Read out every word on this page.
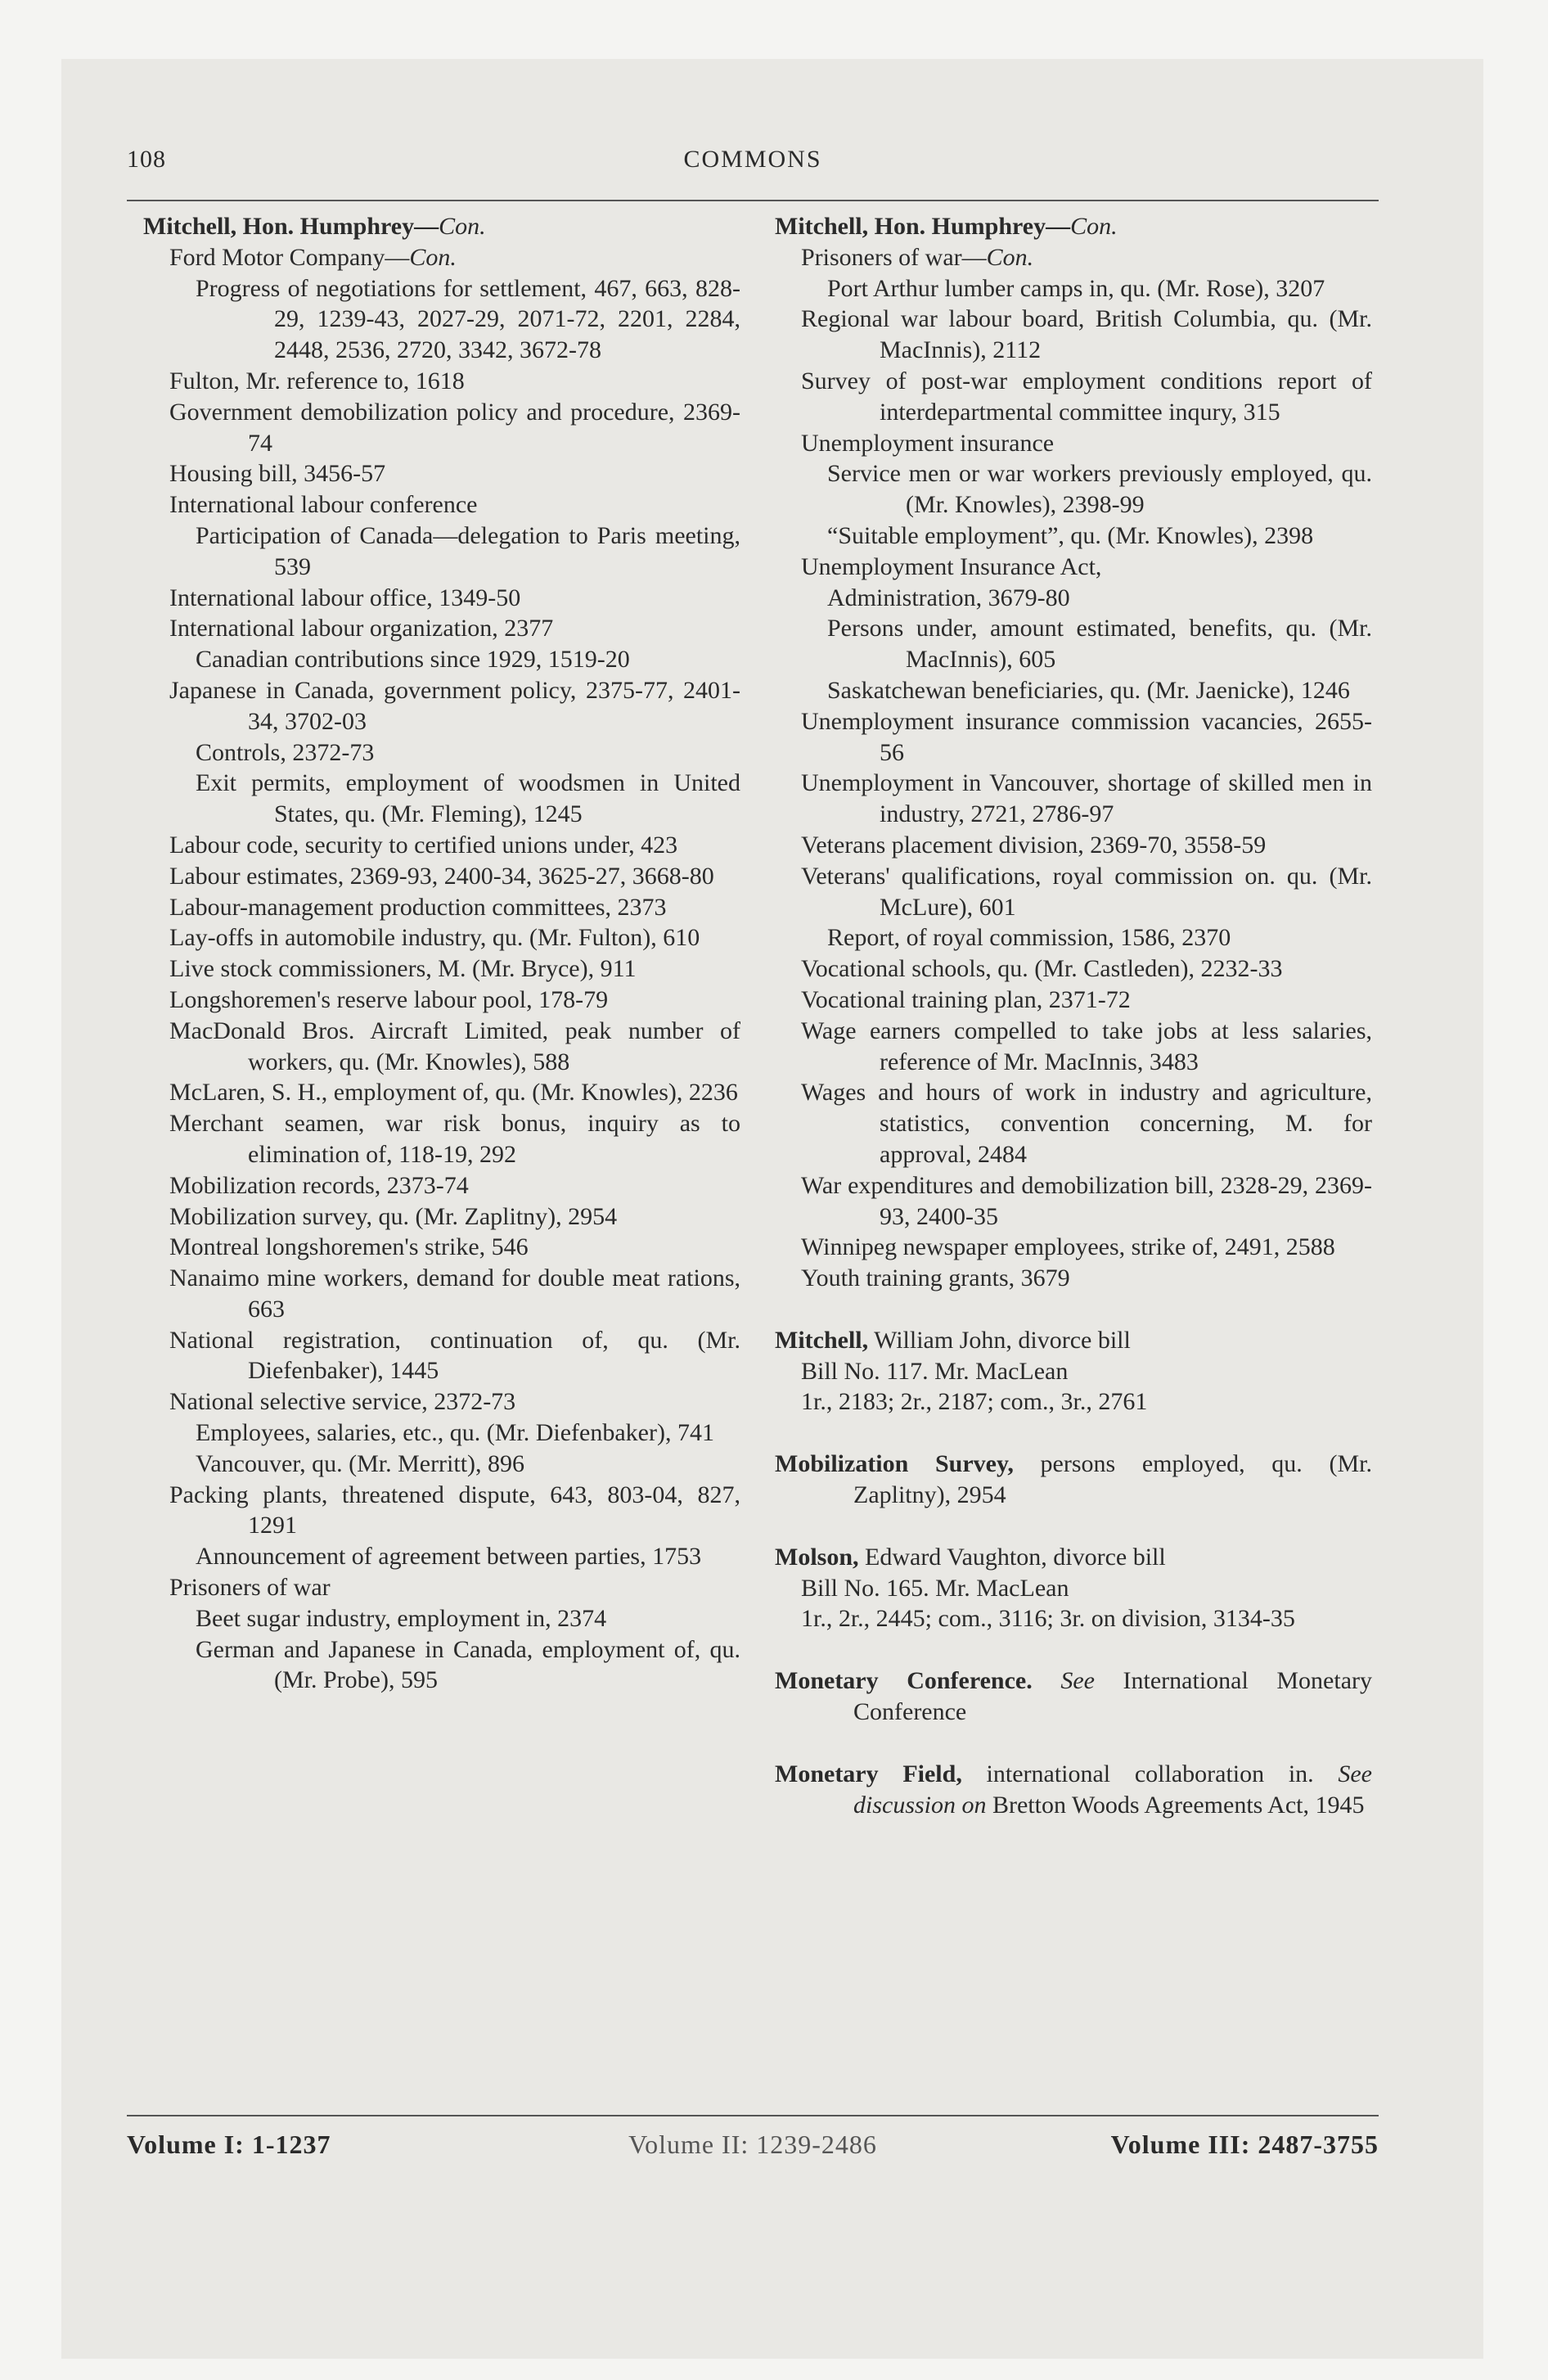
108	COMMONS
Mitchell, Hon. Humphrey—Con.
Ford Motor Company—Con.
Progress of negotiations for settlement, 467, 663, 828-29, 1239-43, 2027-29, 2071-72, 2201, 2284, 2448, 2536, 2720, 3342, 3672-78
Fulton, Mr. reference to, 1618
Government demobilization policy and procedure, 2369-74
Housing bill, 3456-57
International labour conference
Participation of Canada—delegation to Paris meeting, 539
International labour office, 1349-50
International labour organization, 2377
Canadian contributions since 1929, 1519-20
Japanese in Canada, government policy, 2375-77, 2401-34, 3702-03
Controls, 2372-73
Exit permits, employment of woodsmen in United States, qu. (Mr. Fleming), 1245
Labour code, security to certified unions under, 423
Labour estimates, 2369-93, 2400-34, 3625-27, 3668-80
Labour-management production committees, 2373
Lay-offs in automobile industry, qu. (Mr. Fulton), 610
Live stock commissioners, M. (Mr. Bryce), 911
Longshoremen's reserve labour pool, 178-79
MacDonald Bros. Aircraft Limited, peak number of workers, qu. (Mr. Knowles), 588
McLaren, S. H., employment of, qu. (Mr. Knowles), 2236
Merchant seamen, war risk bonus, inquiry as to elimination of, 118-19, 292
Mobilization records, 2373-74
Mobilization survey, qu. (Mr. Zaplitny), 2954
Montreal longshoremen's strike, 546
Nanaimo mine workers, demand for double meat rations, 663
National registration, continuation of, qu. (Mr. Diefenbaker), 1445
National selective service, 2372-73
Employees, salaries, etc., qu. (Mr. Diefenbaker), 741
Vancouver, qu. (Mr. Merritt), 896
Packing plants, threatened dispute, 643, 803-04, 827, 1291
Announcement of agreement between parties, 1753
Prisoners of war
Beet sugar industry, employment in, 2374
German and Japanese in Canada, employment of, qu. (Mr. Probe), 595
Mitchell, Hon. Humphrey—Con.
Prisoners of war—Con.
Port Arthur lumber camps in, qu. (Mr. Rose), 3207
Regional war labour board, British Columbia, qu. (Mr. MacInnis), 2112
Survey of post-war employment conditions report of interdepartmental committee inqury, 315
Unemployment insurance
Service men or war workers previously employed, qu. (Mr. Knowles), 2398-99
“Suitable employment”, qu. (Mr. Knowles), 2398
Unemployment Insurance Act,
Administration, 3679-80
Persons under, amount estimated, benefits, qu. (Mr. MacInnis), 605
Saskatchewan beneficiaries, qu. (Mr. Jaenicke), 1246
Unemployment insurance commission vacancies, 2655-56
Unemployment in Vancouver, shortage of skilled men in industry, 2721, 2786-97
Veterans placement division, 2369-70, 3558-59
Veterans' qualifications, royal commission on. qu. (Mr. McLure), 601
Report, of royal commission, 1586, 2370
Vocational schools, qu. (Mr. Castleden), 2232-33
Vocational training plan, 2371-72
Wage earners compelled to take jobs at less salaries, reference of Mr. MacInnis, 3483
Wages and hours of work in industry and agriculture, statistics, convention concerning, M. for approval, 2484
War expenditures and demobilization bill, 2328-29, 2369-93, 2400-35
Winnipeg newspaper employees, strike of, 2491, 2588
Youth training grants, 3679
Mitchell, William John, divorce bill
Bill No. 117. Mr. MacLean
1r., 2183; 2r., 2187; com., 3r., 2761
Mobilization Survey, persons employed, qu. (Mr. Zaplitny), 2954
Molson, Edward Vaughton, divorce bill
Bill No. 165. Mr. MacLean
1r., 2r., 2445; com., 3116; 3r. on division, 3134-35
Monetary Conference. See International Monetary Conference
Monetary Field, international collaboration in. See discussion on Bretton Woods Agreements Act, 1945
Volume I: 1-1237	Volume II: 1239-2486	Volume III: 2487-3755
